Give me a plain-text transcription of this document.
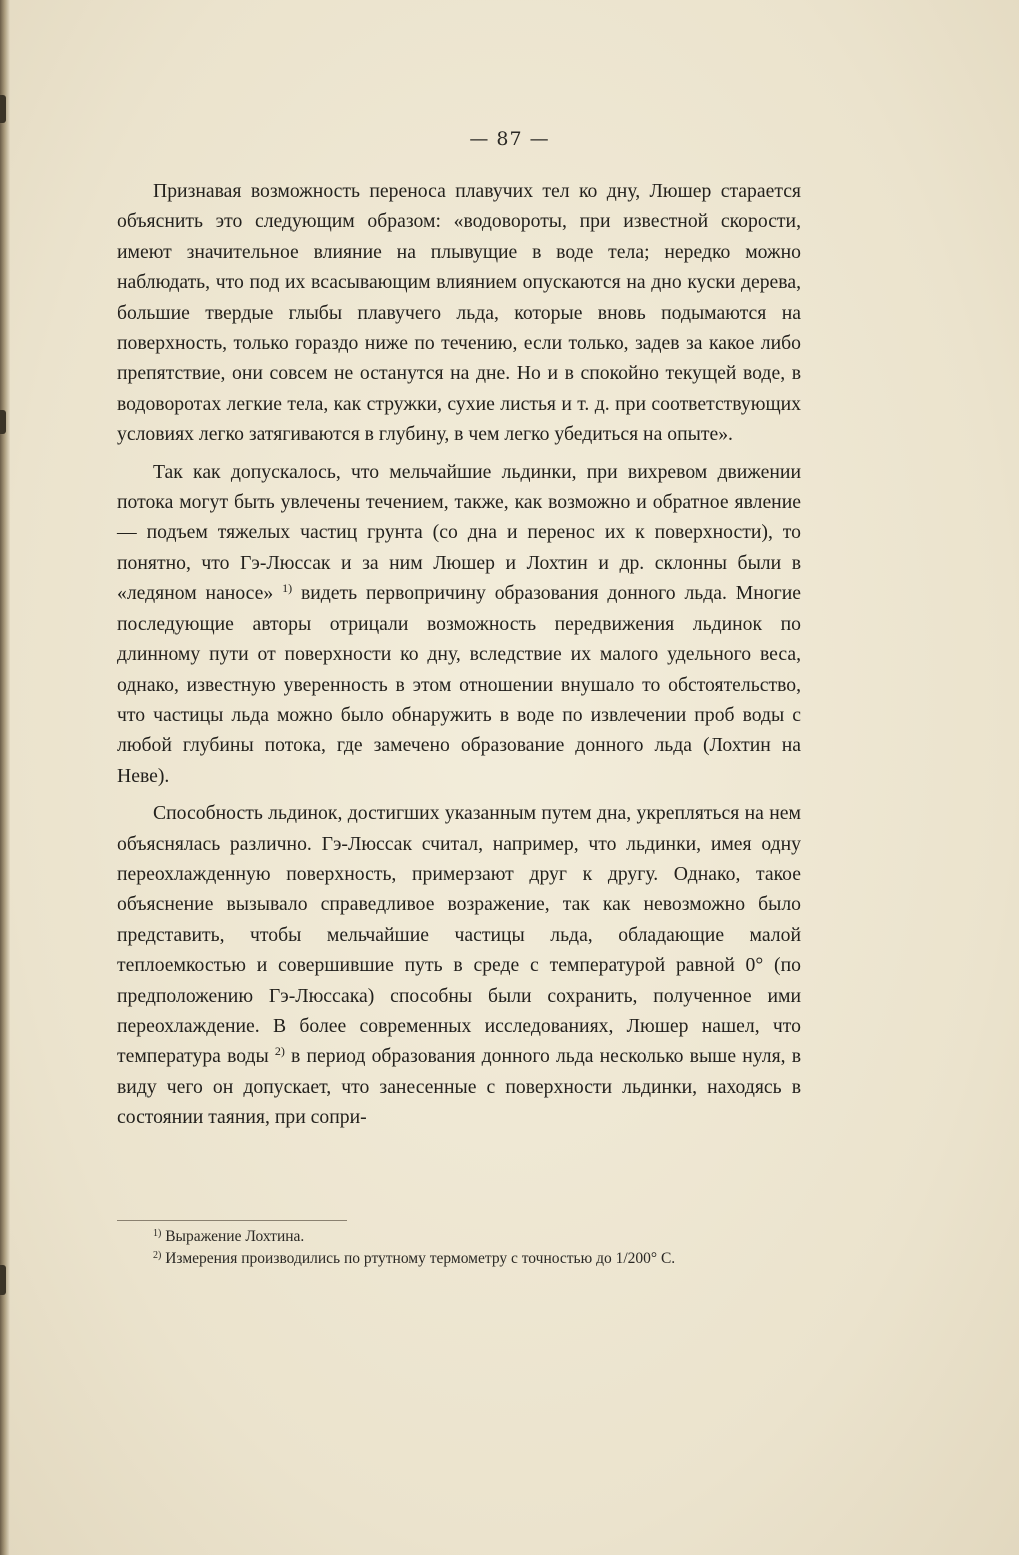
— 87 —

Признавая возможность переноса плавучих тел ко дну, Люшер старается объяснить это следующим образом: «водовороты, при известной скорости, имеют значительное влияние на плывущие в воде тела; нередко можно наблюдать, что под их всасывающим влиянием опускаются на дно куски дерева, большие твердые глыбы плавучего льда, которые вновь подымаются на поверхность, только гораздо ниже по течению, если только, задев за какое либо препятствие, они совсем не останутся на дне. Но и в спокойно текущей воде, в водоворотах легкие тела, как стружки, сухие листья и т. д. при соответствующих условиях легко затягиваются в глубину, в чем легко убедиться на опыте».

Так как допускалось, что мельчайшие льдинки, при вихревом движении потока могут быть увлечены течением, также, как возможно и обратное явление — подъем тяжелых частиц грунта (со дна и перенос их к поверхности), то понятно, что Гэ-Люссак и за ним Люшер и Лохтин и др. склонны были в «ледяном наносе» $^{1)}$ видеть первопричину образования донного льда. Многие последующие авторы отрицали возможность передвижения льдинок по длинному пути от поверхности ко дну, вследствие их малого удельного веса, однако, известную уверенность в этом отношении внушало то обстоятельство, что частицы льда можно было обнаружить в воде по извлечении проб воды с любой глубины потока, где замечено образование донного льда (Лохтин на Неве).

Способность льдинок, достигших указанным путем дна, укрепляться на нем объяснялась различно. Гэ-Люссак считал, например, что льдинки, имея одну переохлажденную поверхность, примерзают друг к другу. Однако, такое объяснение вызывало справедливое возражение, так как невозможно было представить, чтобы мельчайшие частицы льда, обладающие малой теплоемкостью и совершившие путь в среде с температурой равной 0° (по предположению Гэ-Люссака) способны были сохранить, полученное ими переохлаждение. В более современных исследованиях, Люшер нашел, что температура воды $^{2)}$ в период образования донного льда несколько выше нуля, в виду чего он допускает, что занесенные с поверхности льдинки, находясь в состоянии таяния, при сопри-

$^{1)}$ Выражение Лохтина.

$^{2)}$ Измерения производились по ртутному термометру с точностью до 1/200° C.
